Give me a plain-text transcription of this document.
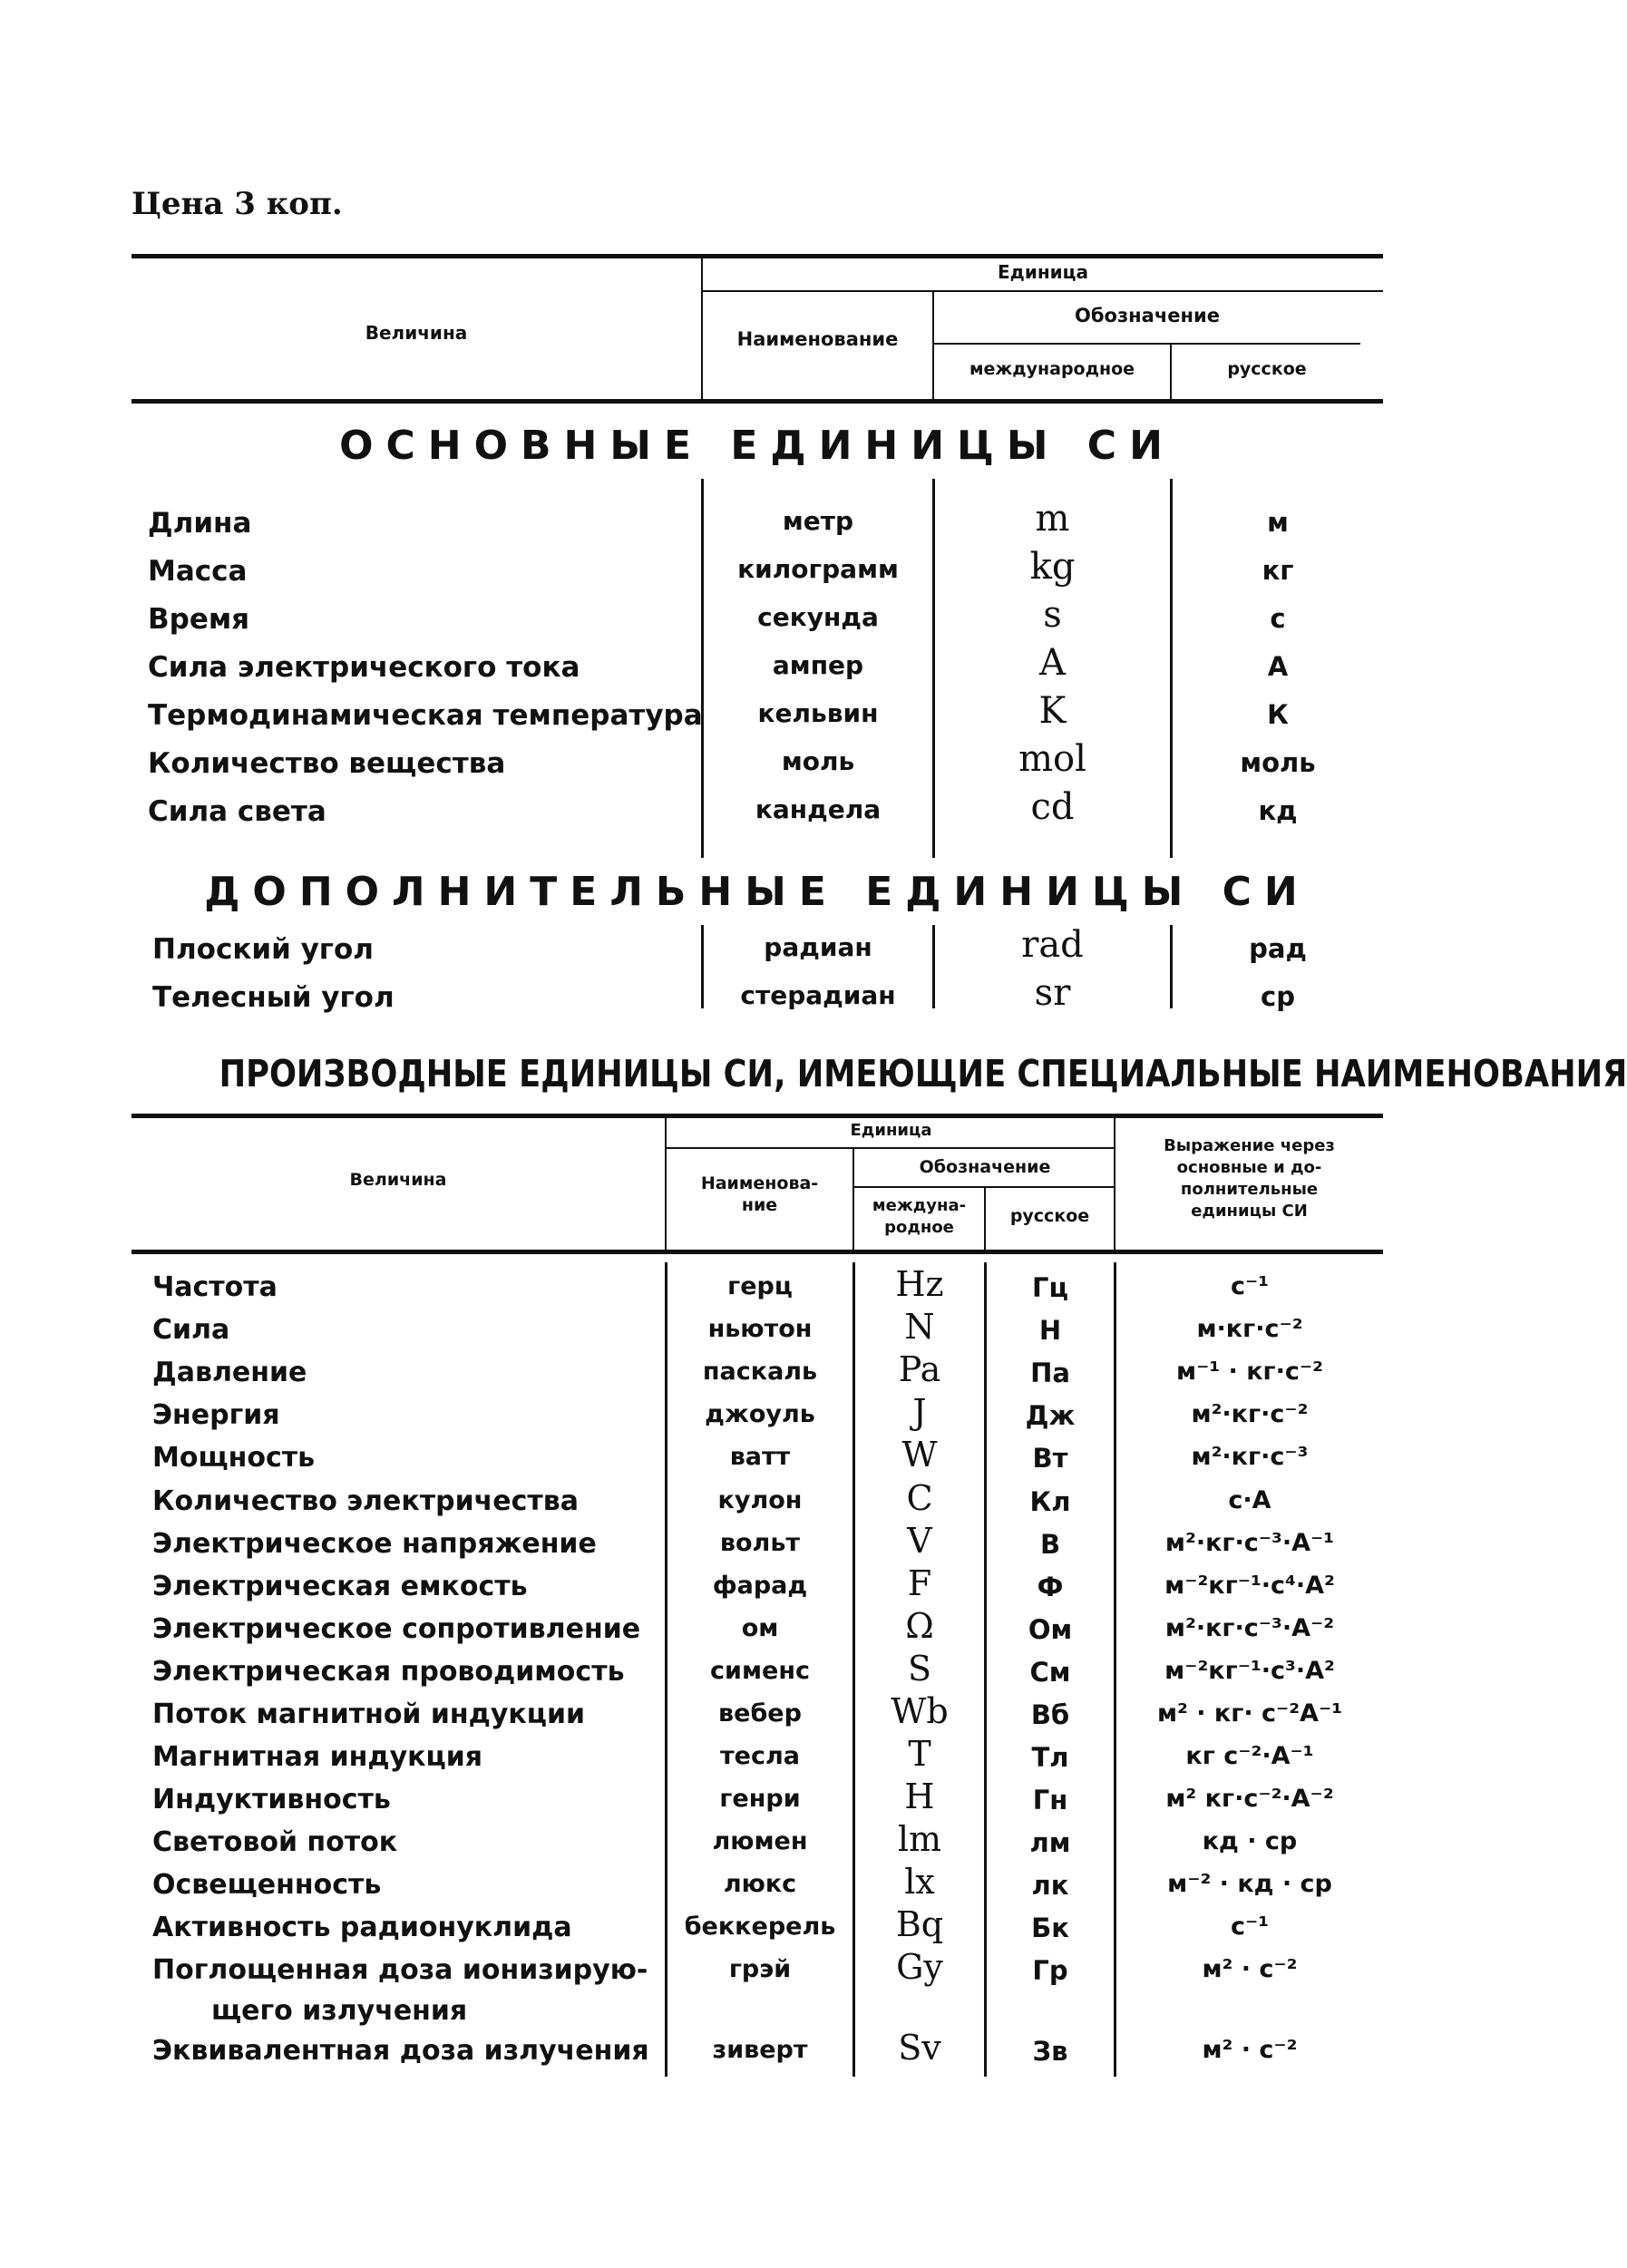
Цена 3 коп.
Величина
Единица
Наименование
Обозначение
международное	русское
ОСНОВНЫЕ ЕДИНИЦЫ СИ
Длина	метр	m	м
Масса	килограмм	kg	кг
Время	секунда	s	с
Сила электрического тока	ампер	A	А
Термодинамическая температура	кельвин	K	К
Количество вещества	моль	mol	моль
Сила света	кандела	cd	кд
ДОПОЛНИТЕЛЬНЫЕ ЕДИНИЦЫ СИ
Плоский угол	радиан	rad	рад
Телесный угол	стерадиан	sr	ср
ПРОИЗВОДНЫЕ ЕДИНИЦЫ СИ, ИМЕЮЩИЕ СПЕЦИАЛЬНЫЕ НАИМЕНОВАНИЯ
Величина
Единица
Наименова-
ние
Обозначение
междуна-
родное
русское
Выражение через
основные и до-
полнительные
единицы СИ
Частота	герц	Hz	Гц	с⁻¹
Сила	ньютон	N	Н	м·кг·с⁻²
Давление	паскаль	Pa	Па	м⁻¹ · кг·с⁻²
Энергия	джоуль	J	Дж	м²·кг·с⁻²
Мощность	ватт	W	Вт	м²·кг·с⁻³
Количество электричества	кулон	C	Кл	с·А
Электрическое напряжение	вольт	V	В	м²·кг·с⁻³·А⁻¹
Электрическая емкость	фарад	F	Ф	м⁻²кг⁻¹·с⁴·А²
Электрическое сопротивление	ом	Ω	Ом	м²·кг·с⁻³·А⁻²
Электрическая проводимость	сименс	S	См	м⁻²кг⁻¹·с³·А²
Поток магнитной индукции	вебер	Wb	Вб	м² · кг· с⁻²А⁻¹
Магнитная индукция	тесла	T	Тл	кг с⁻²·А⁻¹
Индуктивность	генри	H	Гн	м² кг·с⁻²·А⁻²
Световой поток	люмен	lm	лм	кд · ср
Освещенность	люкс	lx	лк	м⁻² · кд · ср
Активность радионуклида	беккерель	Bq	Бк	с⁻¹
Поглощенная доза ионизирую-
щего излучения
грэй	Gy	Гр	м² · с⁻²
Эквивалентная доза излучения	зиверт	Sv	Зв	м² · с⁻²
